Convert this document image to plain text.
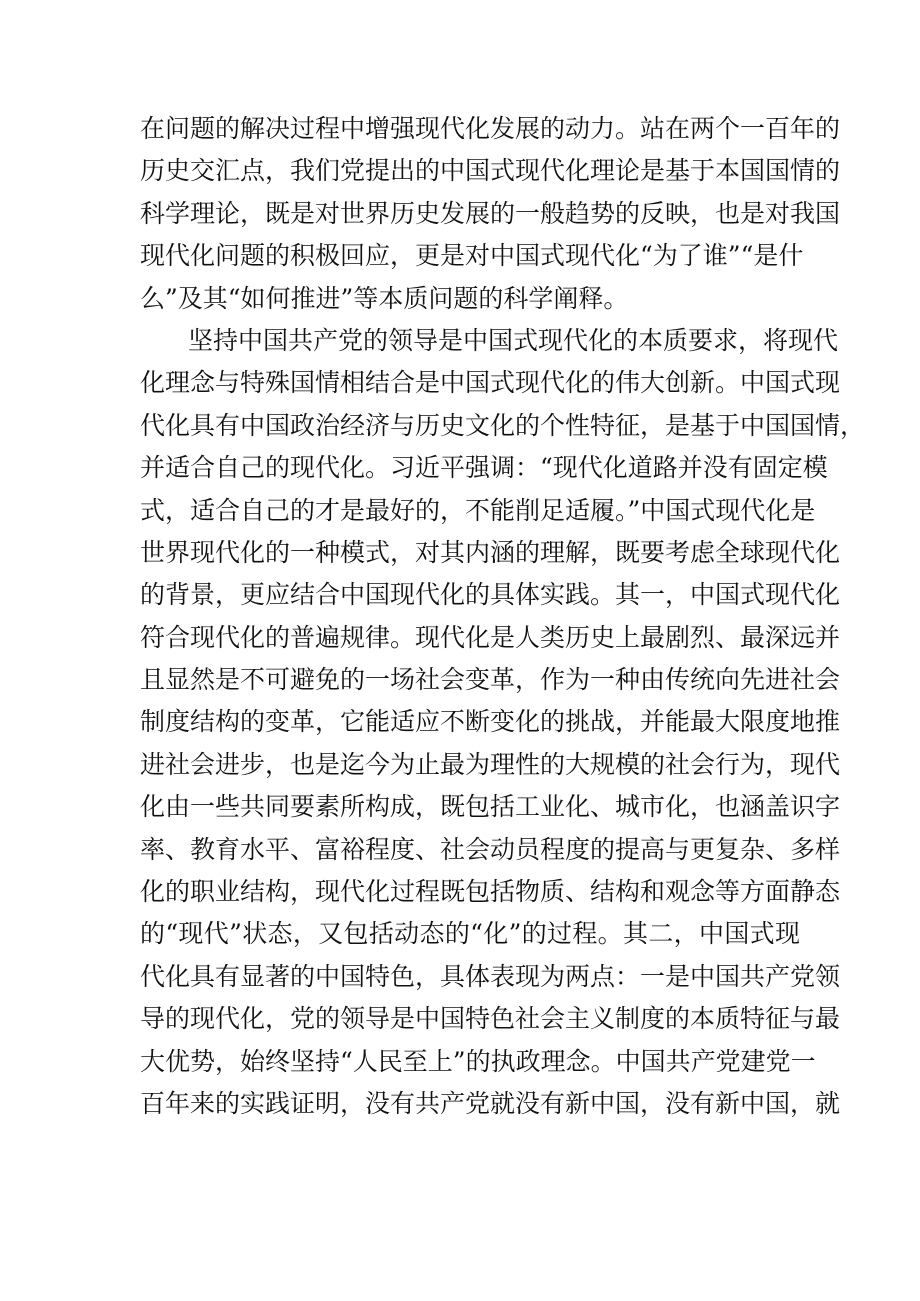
在问题的解决过程中增强现代化发展的动力。站在两个一百年的
历史交汇点，我们党提出的中国式现代化理论是基于本国国情的
科学理论，既是对世界历史发展的一般趋势的反映，也是对我国
现代化问题的积极回应，更是对中国式现代化“为了谁”“是什
么”及其“如何推进”等本质问题的科学阐释。
坚持中国共产党的领导是中国式现代化的本质要求，将现代
化理念与特殊国情相结合是中国式现代化的伟大创新。中国式现
代化具有中国政治经济与历史文化的个性特征，是基于中国国情，
并适合自己的现代化。习近平强调：“现代化道路并没有固定模
式，适合自己的才是最好的，不能削足适履。”中国式现代化是
世界现代化的一种模式，对其内涵的理解，既要考虑全球现代化
的背景，更应结合中国现代化的具体实践。其一，中国式现代化
符合现代化的普遍规律。现代化是人类历史上最剧烈、最深远并
且显然是不可避免的一场社会变革，作为一种由传统向先进社会
制度结构的变革，它能适应不断变化的挑战，并能最大限度地推
进社会进步，也是迄今为止最为理性的大规模的社会行为，现代
化由一些共同要素所构成，既包括工业化、城市化，也涵盖识字
率、教育水平、富裕程度、社会动员程度的提高与更复杂、多样
化的职业结构，现代化过程既包括物质、结构和观念等方面静态
的“现代”状态，又包括动态的“化”的过程。其二，中国式现
代化具有显著的中国特色，具体表现为两点：一是中国共产党领
导的现代化，党的领导是中国特色社会主义制度的本质特征与最
大优势，始终坚持“人民至上”的执政理念。中国共产党建党一
百年来的实践证明，没有共产党就没有新中国，没有新中国，就
